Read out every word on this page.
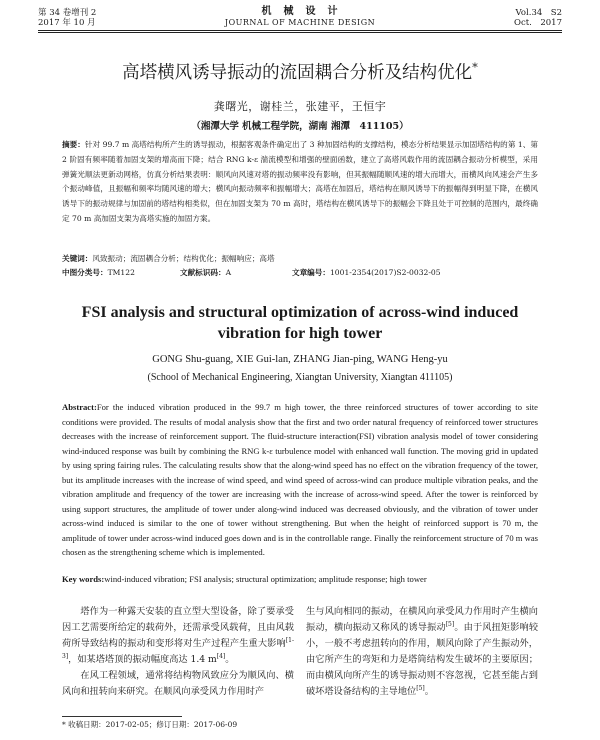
第 34 卷增刊 2
2017 年 10 月
机　械　设　计
JOURNAL OF MACHINE DESIGN
Vol.34　S2
Oct.　2017
高塔横风诱导振动的流固耦合分析及结构优化*
龚曙光，谢桂兰，张建平，王恒宇
（湘潭大学 机械工程学院，湖南 湘潭　411105）
摘要：针对 99.7 m 高塔结构所产生的诱导振动，根据客观条件确定出了 3 种加固结构的支撑结构，模态分析结果显示加固塔结构的第 1、第 2 阶固有频率随着加固支架的增高而下降；结合 RNG k-ε 湍流模型和增强的壁面函数，建立了高塔风载作用的流固耦合振动分析模型，采用弹簧光顺法更新动网格，仿真分析结果表明：顺风向风速对塔的振动频率没有影响，但其振幅随顺风速的增大而增大，而横风向风速会产生多个振动峰值，且振幅和频率均随风速的增大；横风向振动频率和振幅增大；高塔在加固后，塔结构在顺风诱导下的振幅得到明显下降，在横风诱导下的振动规律与加固前的塔结构相类似，但在加固支架为 70 m 高时，塔结构在横风诱导下的振幅会下降且处于可控制的范围内，最终确定 70 m 高加固支架为高塔实施的加固方案。
关键词：风致振动；流固耦合分析；结构优化；振幅响应；高塔
中图分类号：TM122	文献标识码：A	文章编号：1001-2354(2017)S2-0032-05
FSI analysis and structural optimization of across-wind induced
vibration for high tower
GONG Shu-guang, XIE Gui-lan, ZHANG Jian-ping, WANG Heng-yu
(School of Mechanical Engineering, Xiangtan University, Xiangtan 411105)
Abstract:For the induced vibration produced in the 99.7 m high tower, the three reinforced structures of tower according to site conditions were provided. The results of modal analysis show that the first and two order natural frequency of reinforced tower structures decreases with the increase of reinforcement support. The fluid-structure interaction(FSI) vibration analysis model of tower considering wind-induced response was built by combining the RNG k-ε turbulence model with enhanced wall function. The moving grid in updated by using spring fairing rules. The calculating results show that the along-wind speed has no effect on the vibration frequency of the tower, but its amplitude increases with the increase of wind speed, and wind speed of across-wind can produce multiple vibration peaks, and the vibration amplitude and frequency of the tower are increasing with the increase of across-wind speed. After the tower is reinforced by using support structures, the amplitude of tower under along-wind induced was decreased obviously, and the vibration of tower under across-wind induced is similar to the one of tower without strengthening. But when the height of reinforced support is 70 m, the amplitude of tower under across-wind induced goes down and is in the controllable range. Finally the reinforcement structure of 70 m was chosen as the strengthening scheme which is implemented.
Key words:wind-induced vibration; FSI analysis; structural optimization; amplitude response; high tower
塔作为一种露天安装的直立型大型设备，除了要承受因工艺需要所给定的载荷外，还需承受风载荷，且由风载荷所导致结构的振动和变形将对生产过程产生重大影响[1-3]，如某塔塔顶的振动幅度高达 1.4 m[4]。
在风工程领域，通常将结构物风致应分为顺风向、横风向和扭转向来研究。在顺风向承受风力作用时产
生与风向相同的振动，在横风向承受风力作用时产生横向振动，横向振动又称风的诱导振动[5]。由于风扭矩影响较小，一般不考虑扭转向的作用，顺风向除了产生振动外，由它所产生的弯矩和力是塔筒结构发生破坏的主要原因；而由横风向所产生的诱导振动则不容忽视，它甚至能占到破坏塔设备结构的主导地位[5]。
* 收稿日期：2017-02-05；修订日期：2017-06-09
